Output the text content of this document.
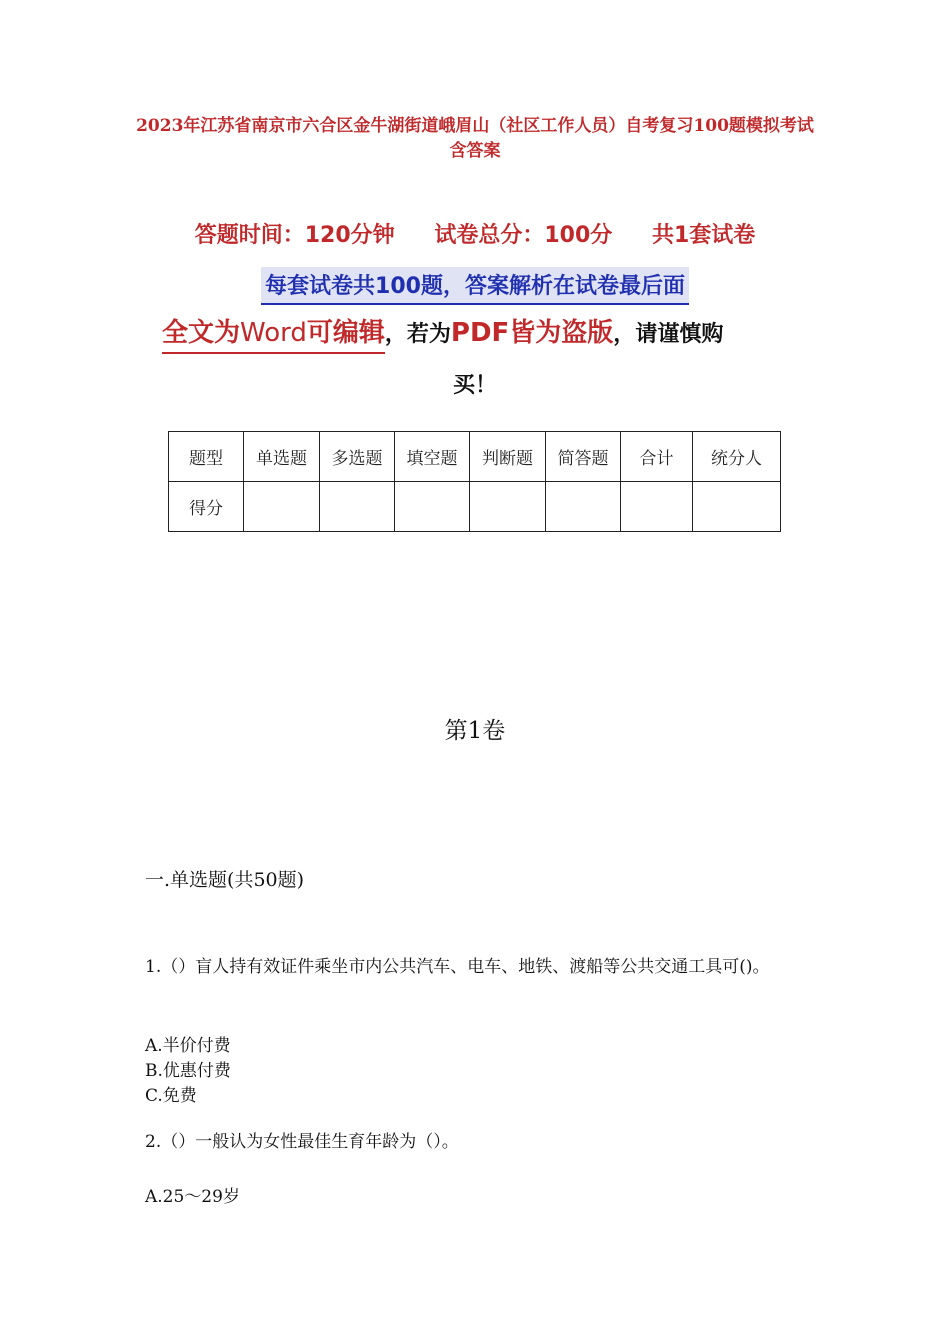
2023年江苏省南京市六合区金牛湖街道峨眉山（社区工作人员）自考复习100题模拟考试含答案
答题时间：120分钟 试卷总分：100分 共1套试卷
每套试卷共100题，答案解析在试卷最后面
全文为Word可编辑，若为PDF皆为盗版，请谨慎购
买！
题型	单选题	多选题	填空题	判断题	简答题	合计	统分人
得分							
第1卷
一.单选题(共50题)
1.（）盲人持有效证件乘坐市内公共汽车、电车、地铁、渡船等公共交通工具可()。
A.半价付费
B.优惠付费
C.免费
2.（）一般认为女性最佳生育年龄为（）。
A.25～29岁
